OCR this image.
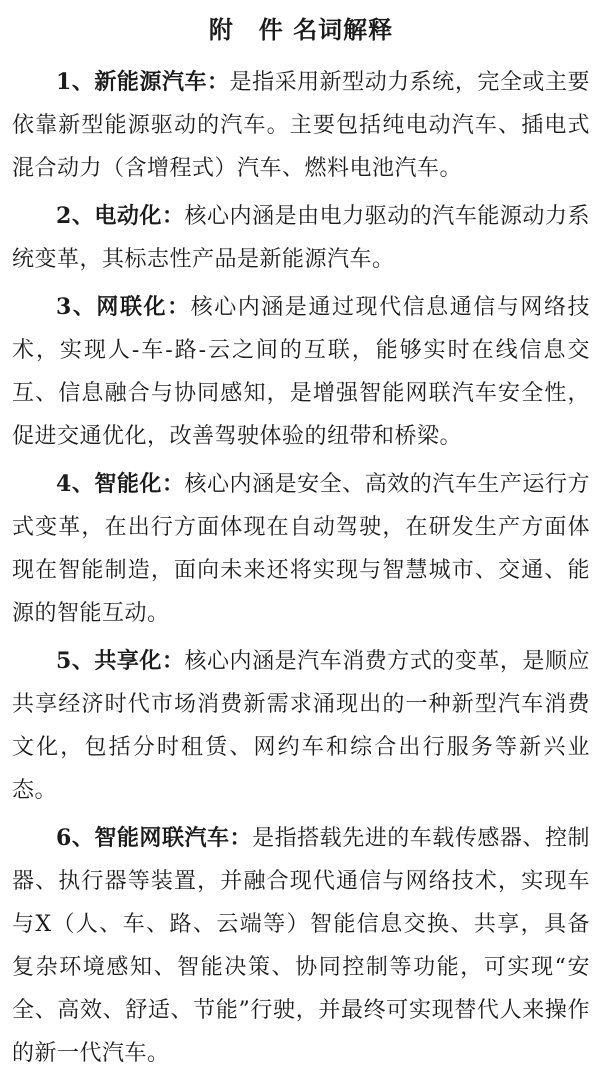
附　件 名词解释

1、新能源汽车：是指采用新型动力系统，完全或主要依靠新型能源驱动的汽车。主要包括纯电动汽车、插电式混合动力（含增程式）汽车、燃料电池汽车。

2、电动化：核心内涵是由电力驱动的汽车能源动力系统变革，其标志性产品是新能源汽车。

3、网联化：核心内涵是通过现代信息通信与网络技术，实现人-车-路-云之间的互联，能够实时在线信息交互、信息融合与协同感知，是增强智能网联汽车安全性，促进交通优化，改善驾驶体验的纽带和桥梁。

4、智能化：核心内涵是安全、高效的汽车生产运行方式变革，在出行方面体现在自动驾驶，在研发生产方面体现在智能制造，面向未来还将实现与智慧城市、交通、能源的智能互动。

5、共享化：核心内涵是汽车消费方式的变革，是顺应共享经济时代市场消费新需求涌现出的一种新型汽车消费文化，包括分时租赁、网约车和综合出行服务等新兴业态。

6、智能网联汽车：是指搭载先进的车载传感器、控制器、执行器等装置，并融合现代通信与网络技术，实现车与X（人、车、路、云端等）智能信息交换、共享，具备复杂环境感知、智能决策、协同控制等功能，可实现“安全、高效、舒适、节能”行驶，并最终可实现替代人来操作的新一代汽车。
